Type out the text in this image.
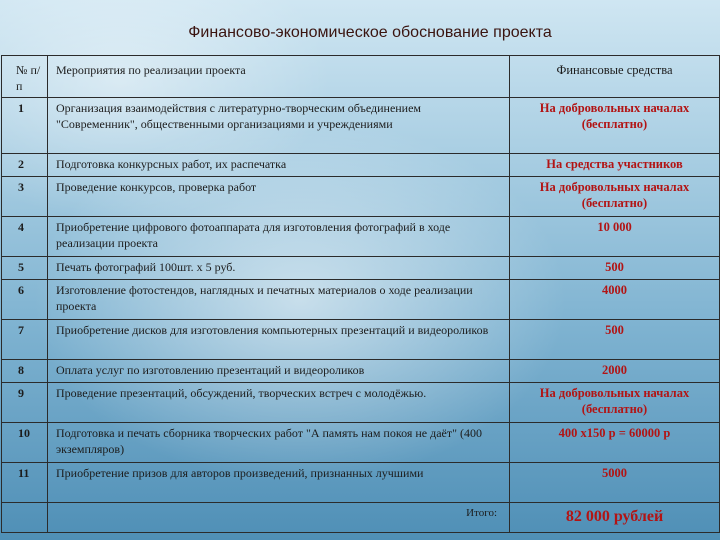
Финансово-экономическое обоснование проекта
№ п/п	Мероприятия по реализации проекта	Финансовые средства
1	Организация взаимодействия с литературно-творческим объединением "Современник", общественными организациями и учреждениями	На добровольных началах (бесплатно)
2	Подготовка конкурсных работ, их распечатка	На средства участников
3	Проведение конкурсов, проверка работ	На добровольных началах (бесплатно)
4	Приобретение цифрового фотоаппарата для изготовления фотографий в ходе реализации проекта	10 000
5	Печать фотографий 100шт. х 5 руб.	500
6	Изготовление фотостендов, наглядных и печатных материалов о ходе реализации проекта	4000
7	Приобретение дисков для изготовления компьютерных презентаций и видеороликов	500
8	Оплата услуг по изготовлению презентаций и видеороликов	2000
9	Проведение презентаций, обсуждений, творческих встреч с молодёжью.	На добровольных началах (бесплатно)
10	Подготовка и печать сборника творческих работ "А память нам покоя не даёт" (400 экземпляров)	400 х150 р = 60000 р
11	Приобретение призов для авторов произведений, признанных лучшими	5000
	Итого:	82 000 рублей
